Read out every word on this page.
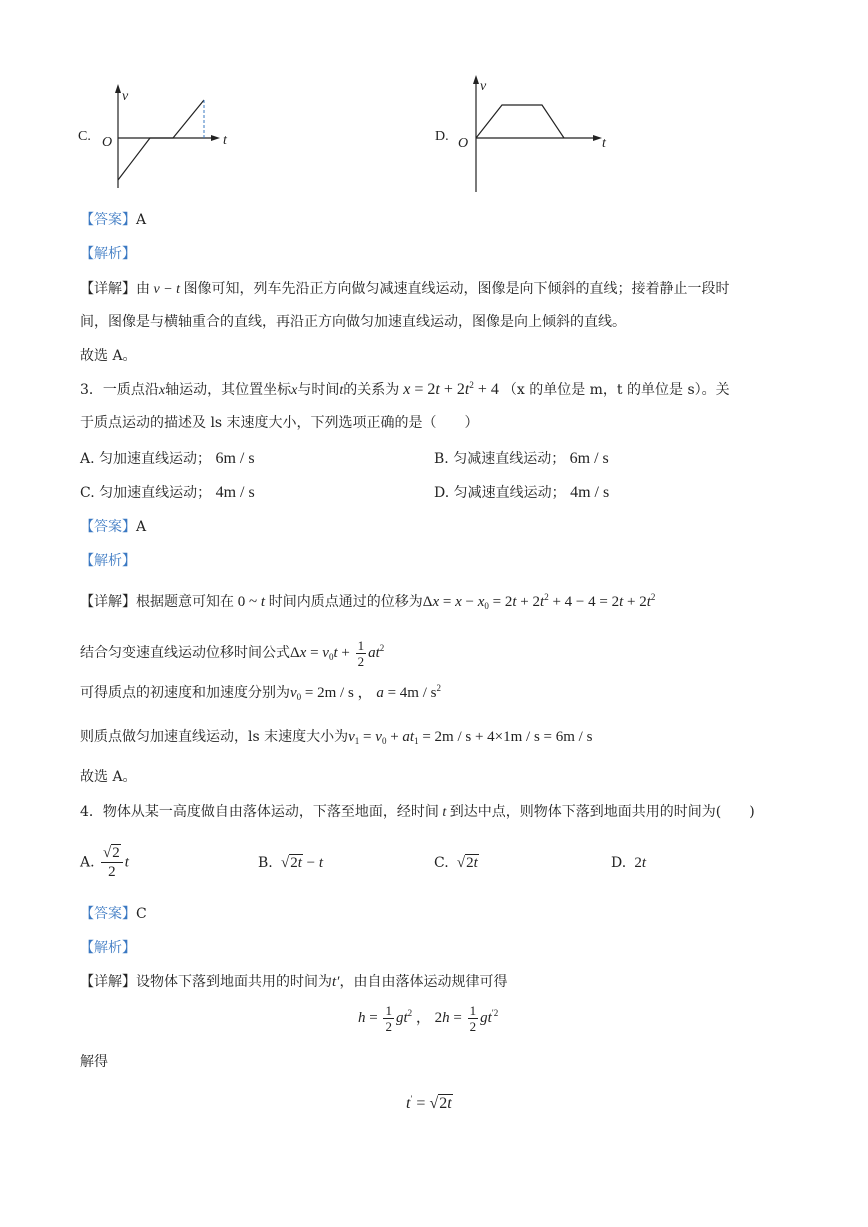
C.
v
t
O	D.
v
t
O
【答案】A
【解析】
【详解】由 v − t 图像可知，列车先沿正方向做匀减速直线运动，图像是向下倾斜的直线；接着静止一段时
间，图像是与横轴重合的直线，再沿正方向做匀加速直线运动，图像是向上倾斜的直线。
故选 A。
3．一质点沿x轴运动，其位置坐标x与时间t的关系为 $x = 2t + 2t^2 + 4$ （x 的单位是 m，t 的单位是 s）。关
于质点运动的描述及 ls 末速度大小，下列选项正确的是（　　）
A. 匀加速直线运动； 6m / s	B. 匀减速直线运动； 6m / s
C. 匀加速直线运动； 4m / s	D. 匀减速直线运动； 4m / s
【答案】A
【解析】
【详解】根据题意可知在 0 ~ t 时间内质点通过的位移为$\Delta x = x - x_0 = 2t + 2t^2 + 4 - 4 = 2t + 2t^2$
结合匀变速直线运动位移时间公式$\Delta x = v_0t + \frac{1}{2} at^2$
可得质点的初速度和加速度分别为$v_0 = 2m / s$ ， $a = 4m / s^2$
则质点做匀加速直线运动，ls 末速度大小为$v_1 = v_0 + at_1 = 2m / s + 4\times 1m / s = 6m / s$
故选 A。
4．物体从某一高度做自由落体运动，下落至地面，经时间 t 到达中点，则物体下落到地面共用的时间为(　　)
A. $\frac{√2}{2}$ t	B. √2t − t	C. √2t	D.  2t
【答案】C
【解析】
【详解】设物体下落到地面共用的时间为t′，由自由落体运动规律可得
$h = \frac{1}{2} gt^2$ ， $2h = \frac{1}{2} gt^{'2}$
解得
t′ = √2t
